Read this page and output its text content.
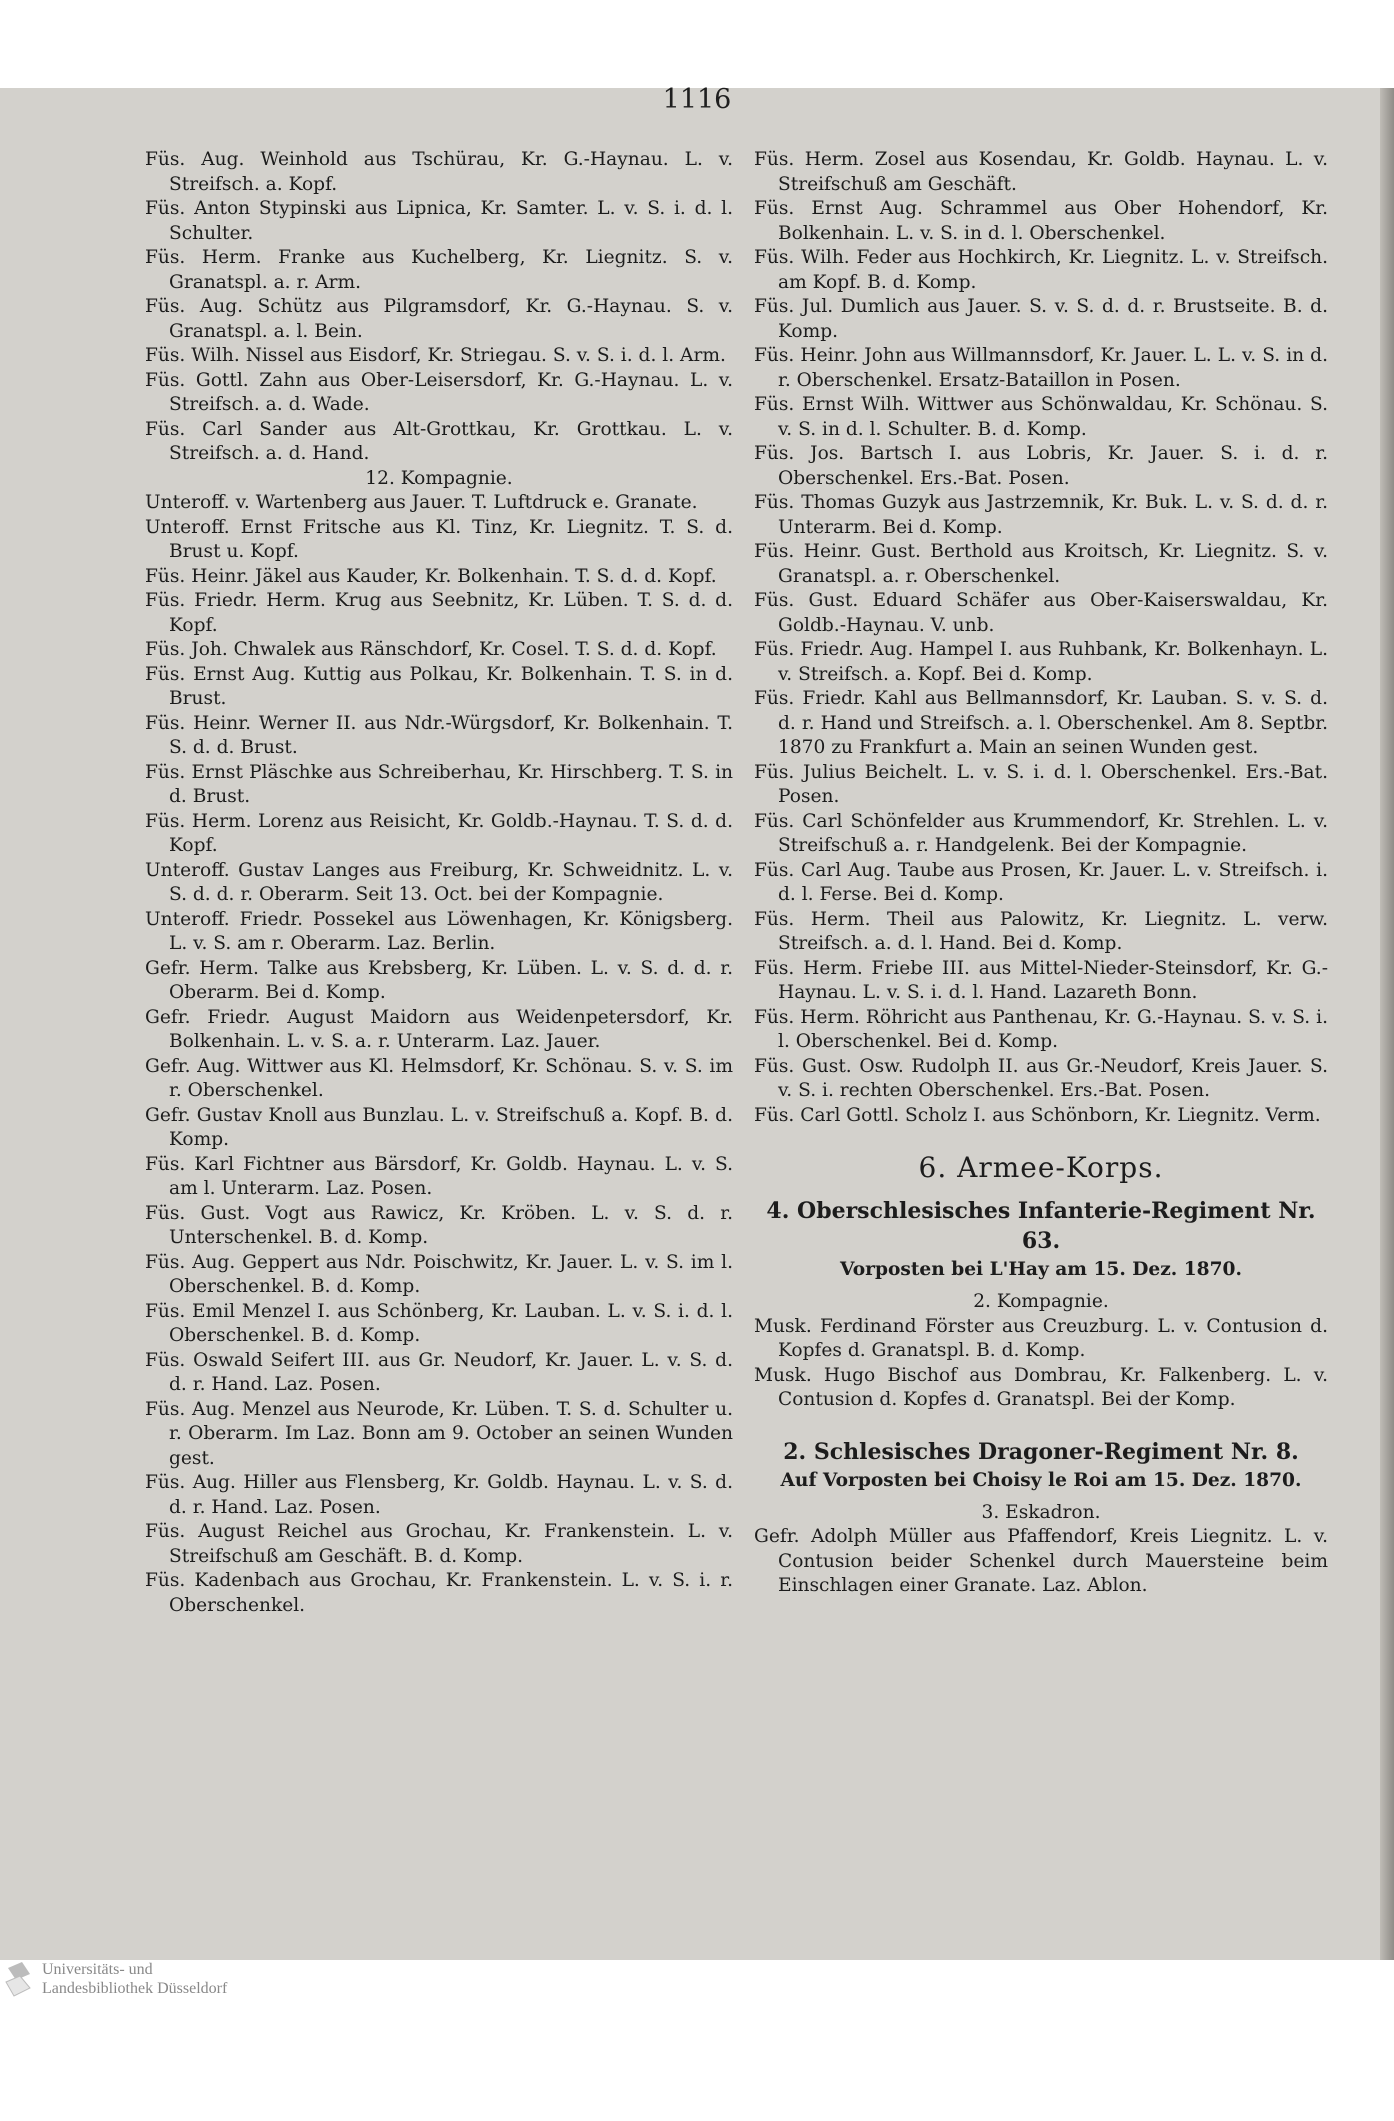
1116
Füs. Aug. Weinhold aus Tschürau, Kr. G.-Haynau. L. v. Streifsch. a. Kopf.
Füs. Anton Stypinski aus Lipnica, Kr. Samter. L. v. S. i. d. l. Schulter.
Füs. Herm. Franke aus Kuchelberg, Kr. Liegnitz. S. v. Granatspl. a. r. Arm.
Füs. Aug. Schütz aus Pilgramsdorf, Kr. G.-Haynau. S. v. Granatspl. a. l. Bein.
Füs. Wilh. Nissel aus Eisdorf, Kr. Striegau. S. v. S. i. d. l. Arm.
Füs. Gottl. Zahn aus Ober-Leisersdorf, Kr. G.-Haynau. L. v. Streifsch. a. d. Wade.
Füs. Carl Sander aus Alt-Grottkau, Kr. Grottkau. L. v. Streifsch. a. d. Hand.
12. Kompagnie.
Unteroff. v. Wartenberg aus Jauer. T. Luftdruck e. Granate.
Unteroff. Ernst Fritsche aus Kl. Tinz, Kr. Liegnitz. T. S. d. Brust u. Kopf.
Füs. Heinr. Jäkel aus Kauder, Kr. Bolkenhain. T. S. d. d. Kopf.
Füs. Friedr. Herm. Krug aus Seebnitz, Kr. Lüben. T. S. d. d. Kopf.
Füs. Joh. Chwalek aus Ränschdorf, Kr. Cosel. T. S. d. d. Kopf.
Füs. Ernst Aug. Kuttig aus Polkau, Kr. Bolkenhain. T. S. in d. Brust.
Füs. Heinr. Werner II. aus Ndr.-Würgsdorf, Kr. Bolkenhain. T. S. d. d. Brust.
Füs. Ernst Pläschke aus Schreiberhau, Kr. Hirschberg. T. S. in d. Brust.
Füs. Herm. Lorenz aus Reisicht, Kr. Goldb.-Haynau. T. S. d. d. Kopf.
Unteroff. Gustav Langes aus Freiburg, Kr. Schweidnitz. L. v. S. d. d. r. Oberarm. Seit 13. Oct. bei der Kompagnie.
Unteroff. Friedr. Possekel aus Löwenhagen, Kr. Königsberg. L. v. S. am r. Oberarm. Laz. Berlin.
Gefr. Herm. Talke aus Krebsberg, Kr. Lüben. L. v. S. d. d. r. Oberarm. Bei d. Komp.
Gefr. Friedr. August Maidorn aus Weidenpetersdorf, Kr. Bolkenhain. L. v. S. a. r. Unterarm. Laz. Jauer.
Gefr. Aug. Wittwer aus Kl. Helmsdorf, Kr. Schönau. S. v. S. im r. Oberschenkel.
Gefr. Gustav Knoll aus Bunzlau. L. v. Streifschuß a. Kopf. B. d. Komp.
Füs. Karl Fichtner aus Bärsdorf, Kr. Goldb. Haynau. L. v. S. am l. Unterarm. Laz. Posen.
Füs. Gust. Vogt aus Rawicz, Kr. Kröben. L. v. S. d. r. Unterschenkel. B. d. Komp.
Füs. Aug. Geppert aus Ndr. Poischwitz, Kr. Jauer. L. v. S. im l. Oberschenkel. B. d. Komp.
Füs. Emil Menzel I. aus Schönberg, Kr. Lauban. L. v. S. i. d. l. Oberschenkel. B. d. Komp.
Füs. Oswald Seifert III. aus Gr. Neudorf, Kr. Jauer. L. v. S. d. d. r. Hand. Laz. Posen.
Füs. Aug. Menzel aus Neurode, Kr. Lüben. T. S. d. Schulter u. r. Oberarm. Im Laz. Bonn am 9. October an seinen Wunden gest.
Füs. Aug. Hiller aus Flensberg, Kr. Goldb. Haynau. L. v. S. d. d. r. Hand. Laz. Posen.
Füs. August Reichel aus Grochau, Kr. Frankenstein. L. v. Streifschuß am Geschäft. B. d. Komp.
Füs. Kadenbach aus Grochau, Kr. Frankenstein. L. v. S. i. r. Oberschenkel.
Füs. Herm. Zosel aus Kosendau, Kr. Goldb. Haynau. L. v. Streifschuß am Geschäft.
Füs. Ernst Aug. Schrammel aus Ober Hohendorf, Kr. Bolkenhain. L. v. S. in d. l. Oberschenkel.
Füs. Wilh. Feder aus Hochkirch, Kr. Liegnitz. L. v. Streifsch. am Kopf. B. d. Komp.
Füs. Jul. Dumlich aus Jauer. S. v. S. d. d. r. Brustseite. B. d. Komp.
Füs. Heinr. John aus Willmannsdorf, Kr. Jauer. L. L. v. S. in d. r. Oberschenkel. Ersatz-Bataillon in Posen.
Füs. Ernst Wilh. Wittwer aus Schönwaldau, Kr. Schönau. S. v. S. in d. l. Schulter. B. d. Komp.
Füs. Jos. Bartsch I. aus Lobris, Kr. Jauer. S. i. d. r. Oberschenkel. Ers.-Bat. Posen.
Füs. Thomas Guzyk aus Jastrzemnik, Kr. Buk. L. v. S. d. d. r. Unterarm. Bei d. Komp.
Füs. Heinr. Gust. Berthold aus Kroitsch, Kr. Liegnitz. S. v. Granatspl. a. r. Oberschenkel.
Füs. Gust. Eduard Schäfer aus Ober-Kaiserswaldau, Kr. Goldb.-Haynau. V. unb.
Füs. Friedr. Aug. Hampel I. aus Ruhbank, Kr. Bolkenhayn. L. v. Streifsch. a. Kopf. Bei d. Komp.
Füs. Friedr. Kahl aus Bellmannsdorf, Kr. Lauban. S. v. S. d. d. r. Hand und Streifsch. a. l. Oberschenkel. Am 8. Septbr. 1870 zu Frankfurt a. Main an seinen Wunden gest.
Füs. Julius Beichelt. L. v. S. i. d. l. Oberschenkel. Ers.-Bat. Posen.
Füs. Carl Schönfelder aus Krummendorf, Kr. Strehlen. L. v. Streifschuß a. r. Handgelenk. Bei der Kompagnie.
Füs. Carl Aug. Taube aus Prosen, Kr. Jauer. L. v. Streifsch. i. d. l. Ferse. Bei d. Komp.
Füs. Herm. Theil aus Palowitz, Kr. Liegnitz. L. verw. Streifsch. a. d. l. Hand. Bei d. Komp.
Füs. Herm. Friebe III. aus Mittel-Nieder-Steinsdorf, Kr. G.-Haynau. L. v. S. i. d. l. Hand. Lazareth Bonn.
Füs. Herm. Röhricht aus Panthenau, Kr. G.-Haynau. S. v. S. i. l. Oberschenkel. Bei d. Komp.
Füs. Gust. Osw. Rudolph II. aus Gr.-Neudorf, Kreis Jauer. S. v. S. i. rechten Oberschenkel. Ers.-Bat. Posen.
Füs. Carl Gottl. Scholz I. aus Schönborn, Kr. Liegnitz. Verm.
6. Armee-Korps.
4. Oberschlesisches Infanterie-Regiment Nr. 63.
Vorposten bei L'Hay am 15. Dez. 1870.
2. Kompagnie.
Musk. Ferdinand Förster aus Creuzburg. L. v. Contusion d. Kopfes d. Granatspl. B. d. Komp.
Musk. Hugo Bischof aus Dombrau, Kr. Falkenberg. L. v. Contusion d. Kopfes d. Granatspl. Bei der Komp.
2. Schlesisches Dragoner-Regiment Nr. 8.
Auf Vorposten bei Choisy le Roi am 15. Dez. 1870.
3. Eskadron.
Gefr. Adolph Müller aus Pfaffendorf, Kreis Liegnitz. L. v. Contusion beider Schenkel durch Mauersteine beim Einschlagen einer Granate. Laz. Ablon.
Universitäts- und
Landesbibliothek Düsseldorf
